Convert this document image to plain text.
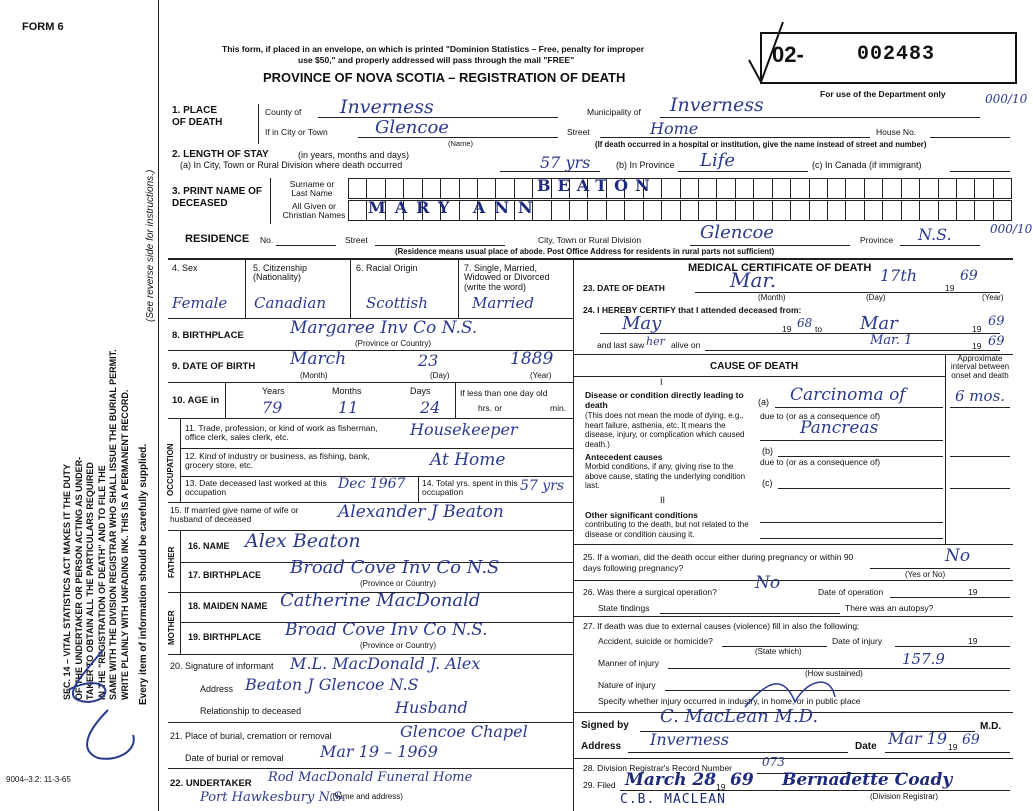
FORM 6
This form, if placed in an envelope, on which is printed "Dominion Statistics – Free, penalty for improper
use $50," and properly addressed will pass through the mail "FREE"
PROVINCE OF NOVA SCOTIA – REGISTRATION OF DEATH
02-	002483
For use of the Department only	000/10
SEC. 14 – VITAL STATISTICS ACT MAKES IT THE DUTY OF THE UNDERTAKER OR PERSON ACTING AS UNDER- TAKER TO OBTAIN ALL THE PARTICULARS REQUIRED IN THE "REGISTRATION OF DEATH" AND TO FILE THE SAME WITH THE DIVISION REGISTRAR WHO SHALL ISSUE THE BURIAL PERMIT. WRITE PLAINLY WITH UNFADING INK. THIS IS A PERMANENT RECORD. Every item of information should be carefully supplied.
(See reverse side for instructions.)
9004–3.2: 11-3-65
1. PLACE OF DEATH
County of Inverness	Municipality of Inverness
If in City or Town	Glencoe
(Name)
Street	Home	House No.
(If death occurred in a hospital or institution, give the name instead of street and number)
2. LENGTH OF STAY	(in years, months and days)
(a) In City, Town or Rural Division where death occurred	57 yrs	(b) In Province Life	(c) In Canada (if immigrant)
3. PRINT NAME OF DECEASED
Surname or Last Name
All Given or Christian Names
BEATON
MARY ANN
RESIDENCE No.	Street	City, Town or Rural Division	Glencoe	Province N.S.	000/10
(Residence means usual place of abode. Post Office Address for residents in rural parts not sufficient)
4. Sex
Female
5. Citizenship (Nationality)
Canadian
6. Racial Origin
Scottish
7. Single, Married, Widowed or Divorced (write the word)
Married
8. BIRTHPLACE	Margaree Inv Co N.S.
(Province or Country)
9. DATE OF BIRTH March	23	1889
(Month)	(Day)	(Year)
10. AGE in
Years	Months	Days
79	11	24
If less than one day old
hrs. or	min.
OCCUPATION
11. Trade, profession, or kind of work as fisherman, office clerk, sales clerk, etc.	Housekeeper
12. Kind of industry or business, as fishing, bank, grocery store, etc.	At Home
13. Date deceased last worked at this occupation	Dec 1967 14. Total yrs. spent in this occupation	57 yrs
15. If married give name of wife or husband of deceased	Alexander J Beaton
FATHER
16. NAME Alex Beaton
17. BIRTHPLACE Broad Cove Inv Co N.S
(Province or Country)
MOTHER
18. MAIDEN NAME Catherine MacDonald
19. BIRTHPLACE Broad Cove Inv Co N.S.
(Province or Country)
20. Signature of informant M.L. MacDonald J. Alex
Address Beaton J Glencoe N.S
Relationship to deceased	Husband
21. Place of burial, cremation or removal	Glencoe Chapel
Date of burial or removal Mar 19 – 1969
22. UNDERTAKER Rod MacDonald Funeral Home
(Name and address)
Port Hawkesbury N.S.
MEDICAL CERTIFICATE OF DEATH
23. DATE OF DEATH	Mar.	17th
19
69
(Month)	(Day)	(Year)
24. I HEREBY CERTIFY that I attended deceased from:
May	19 68 to Mar	19 69
and last saw her alive on	Mar. 1	19 69
CAUSE OF DEATH
Approximate interval between onset and death
I
Disease or condition directly leading to death
(This does not mean the mode of dying, e.g., heart failure, asthenia, etc. It means the disease, injury, or complication which caused death.)
(a) Carcinoma of
due to (or as a consequence of)
Pancreas
6 mos.
Antecedent causes
Morbid conditions, if any, giving rise to the above cause, stating the underlying condition last.
(b)
due to (or as a consequence of)
(c)
II
Other significant conditions
contributing to the death, but not related to the disease or condition causing it.
25. If a woman, did the death occur either during pregnancy or within 90 days following pregnancy?
No
(Yes or No)
26. Was there a surgical operation? No	Date of operation	19
State findings	There was an autopsy?
27. If death was due to external causes (violence) fill in also the following:
Accident, suicide or homicide?	Date of injury	19
(State which)
Manner of injury	157.9
(How sustained)
Nature of injury
Specify whether injury occurred in industry, in home, or in public place
Signed by C. MacLean M.D.	M.D.
Address Inverness	Date Mar 19 19 69
28. Division Registrar's Record Number 073
29. Filed March 28 19 69 Bernadette Coady
(Division Registrar)
C.B. MACLEAN
